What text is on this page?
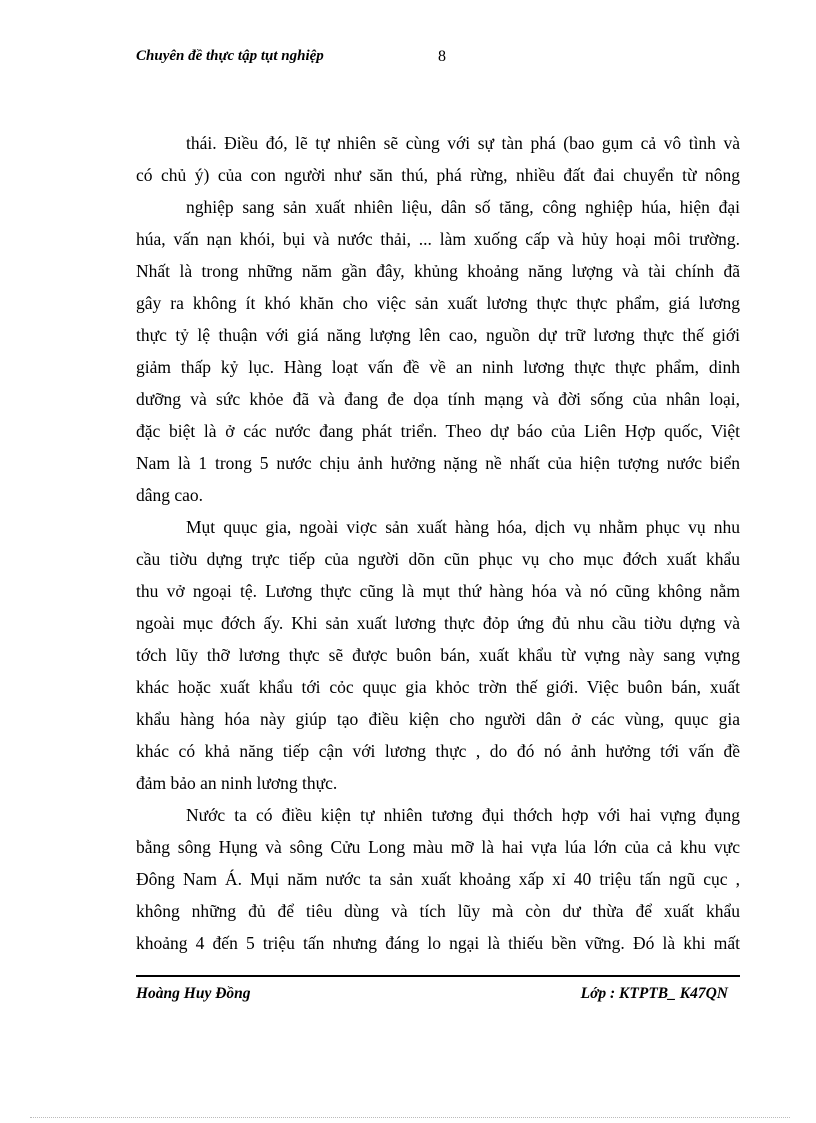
Chuyên đề thực tập tụt nghiệp	8
thái. Điều đó, lẽ tự nhiên sẽ cùng với sự tàn phá (bao gụm cả vô tình và
có chủ ý) của con người như săn thú, phá rừng, nhiều đất đai chuyển từ nông
nghiệp sang sản xuất nhiên liệu, dân số tăng, công nghiệp húa, hiện đại
húa, vấn nạn khói, bụi và nước thải, ... làm xuống cấp và hủy hoại môi trường.
Nhất là trong những năm gần đây, khủng khoảng năng lượng và tài chính đã
gây ra không ít khó khăn cho việc sản xuất lương thực thực phẩm, giá lương
thực tỷ lệ thuận với giá năng lượng lên cao, nguồn dự trữ lương thực thế giới
giảm thấp kỷ lục. Hàng loạt vấn đề về an ninh lương thực thực phẩm, dinh
dưỡng và sức khỏe đã và đang đe dọa tính mạng và đời sống của nhân loại,
đặc biệt là ở các nước đang phát triển. Theo dự báo của Liên Hợp quốc, Việt
Nam là 1 trong 5 nước chịu ảnh hưởng nặng nề nhất của hiện tượng nước biển
dâng cao.
Mụt quục gia, ngoài viợc sản xuất hàng hóa, dịch vụ nhằm phục vụ nhu
cầu tiờu dựng trực tiếp của người dõn cũn phục vụ cho mục đớch xuất khẩu
thu vở ngoại tệ. Lương thực cũng là mụt thứ hàng hóa và nó cũng không nằm
ngoài mục đớch ấy. Khi sản xuất lương thực đỏp ứng đủ nhu cầu tiờu dựng và
tớch lũy thỡ lương thực sẽ được buôn bán, xuất khẩu từ vựng này sang vựng
khác hoặc xuất khẩu tới cỏc quục gia khỏc trờn thế giới. Việc buôn bán, xuất
khẩu hàng hóa này giúp tạo điều kiện cho người dân ở các vùng, quục gia
khác có khả năng tiếp cận với lương thực , do đó nó ảnh hưởng tới vấn đề
đảm bảo an ninh lương thực.
Nước ta có điều kiện tự nhiên tương đụi thớch hợp với hai vựng đụng
bằng sông Hụng và sông Cửu Long màu mỡ là hai vựa lúa lớn của cả khu vực
Đông Nam Á. Mụi năm nước ta sản xuất khoảng xấp xỉ 40 triệu tấn ngũ cục ,
không những đủ để tiêu dùng và tích lũy mà còn dư thừa để xuất khẩu
khoảng 4 đến 5 triệu tấn nhưng đáng lo ngại là thiếu bền vững. Đó là khi mất
Hoàng Huy Đồng	Lớp : KTPTB_ K47QN
